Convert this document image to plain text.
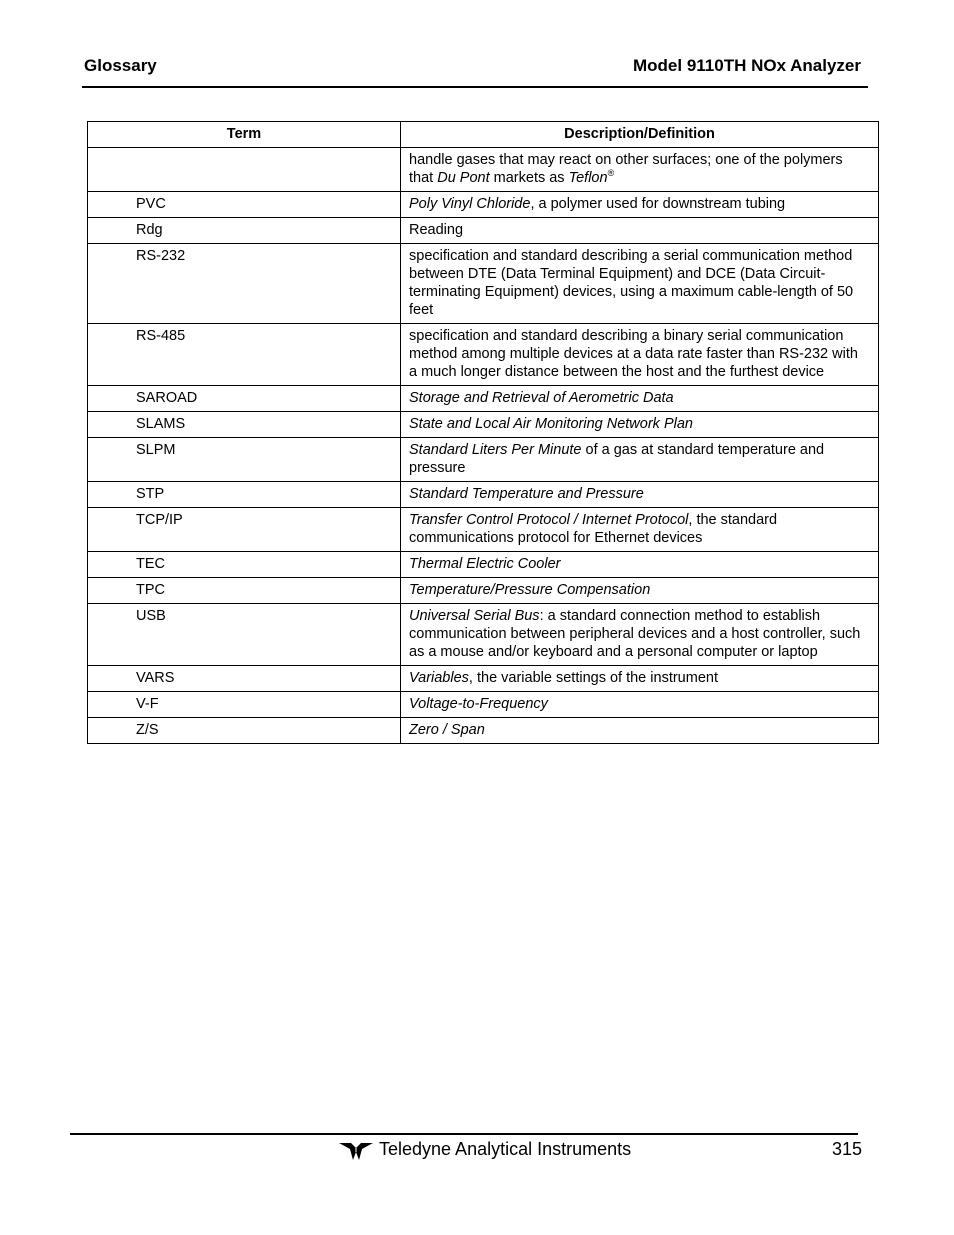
Glossary	Model 9110TH NOx Analyzer
Term	Description/Definition
	handle gases that may react on other surfaces; one of the polymers that Du Pont markets as Teflon®
PVC	Poly Vinyl Chloride, a polymer used for downstream tubing
Rdg	Reading
RS-232	specification and standard describing a serial communication method between DTE (Data Terminal Equipment) and DCE (Data Circuit-terminating Equipment) devices, using a maximum cable-length of 50 feet
RS-485	specification and standard describing a binary serial communication method among multiple devices at a data rate faster than RS-232 with a much longer distance between the host and the furthest device
SAROAD	Storage and Retrieval of Aerometric Data
SLAMS	State and Local Air Monitoring Network Plan
SLPM	Standard Liters Per Minute of a gas at standard temperature and pressure
STP	Standard Temperature and Pressure
TCP/IP	Transfer Control Protocol / Internet Protocol, the standard communications protocol for Ethernet devices
TEC	Thermal Electric Cooler
TPC	Temperature/Pressure Compensation
USB	Universal Serial Bus: a standard connection method to establish communication between peripheral devices and a host controller, such as a mouse and/or keyboard and a personal computer or laptop
VARS	Variables, the variable settings of the instrument
V-F	Voltage-to-Frequency
Z/S	Zero / Span
Teledyne Analytical Instruments	315
